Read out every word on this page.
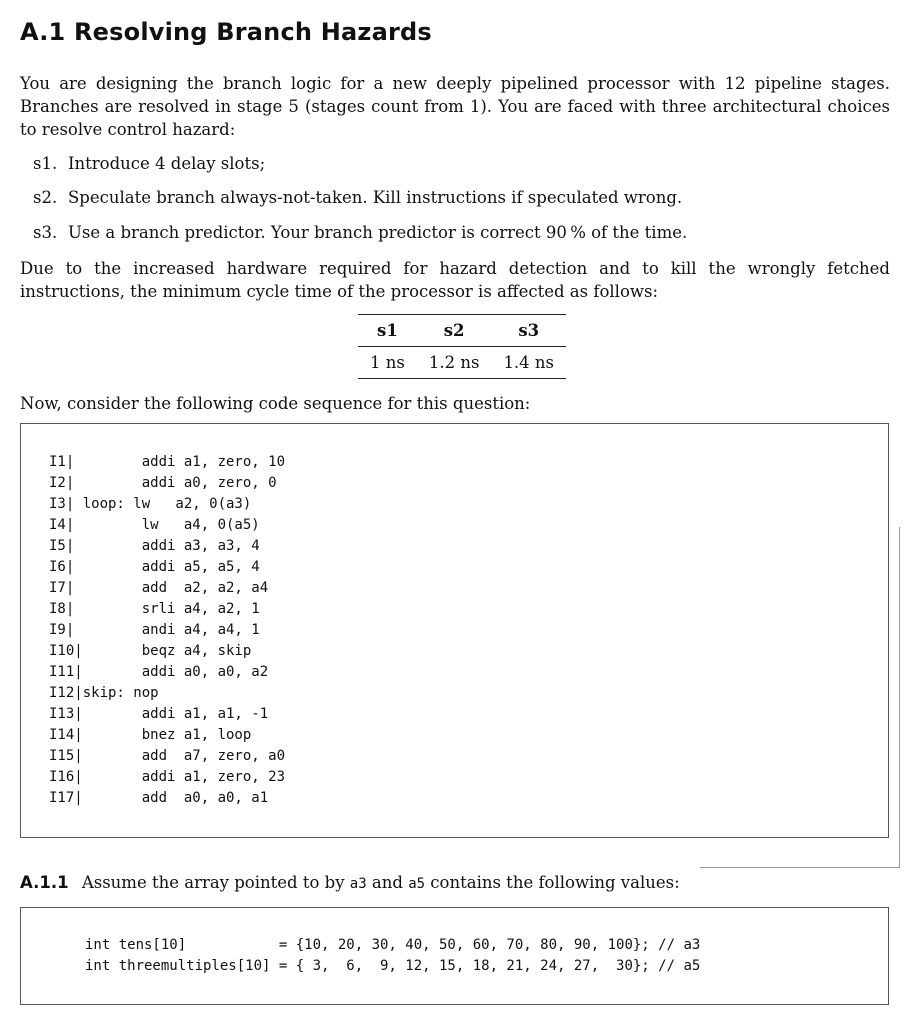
A.1 Resolving Branch Hazards
You are designing the branch logic for a new deeply pipelined processor with 12 pipeline stages. Branches are resolved in stage 5 (stages count from 1). You are faced with three architectural choices to resolve control hazard:
s1. Introduce 4 delay slots;
s2. Speculate branch always-not-taken. Kill instructions if speculated wrong.
s3. Use a branch predictor. Your branch predictor is correct 90 % of the time.
Due to the increased hardware required for hazard detection and to kill the wrongly fetched instructions, the minimum cycle time of the processor is affected as follows:
s1	s2	s3
1 ns	1.2 ns	1.4 ns
Now, consider the following code sequence for this question:
I1|        addi a1, zero, 10
I2|        addi a0, zero, 0
I3| loop: lw   a2, 0(a3)
I4|        lw   a4, 0(a5)
I5|        addi a3, a3, 4
I6|        addi a5, a5, 4
I7|        add  a2, a2, a4
I8|        srli a4, a2, 1
I9|        andi a4, a4, 1
I10|       beqz a4, skip
I11|       addi a0, a0, a2
I12|skip: nop
I13|       addi a1, a1, -1
I14|       bnez a1, loop
I15|       add  a7, zero, a0
I16|       addi a1, zero, 23
I17|       add  a0, a0, a1
A.1.1 Assume the array pointed to by a3 and a5 contains the following values:
int tens[10]           = {10, 20, 30, 40, 50, 60, 70, 80, 90, 100}; // a3
int threemultiples[10] = { 3,  6,  9, 12, 15, 18, 21, 24, 27,  30}; // a5
